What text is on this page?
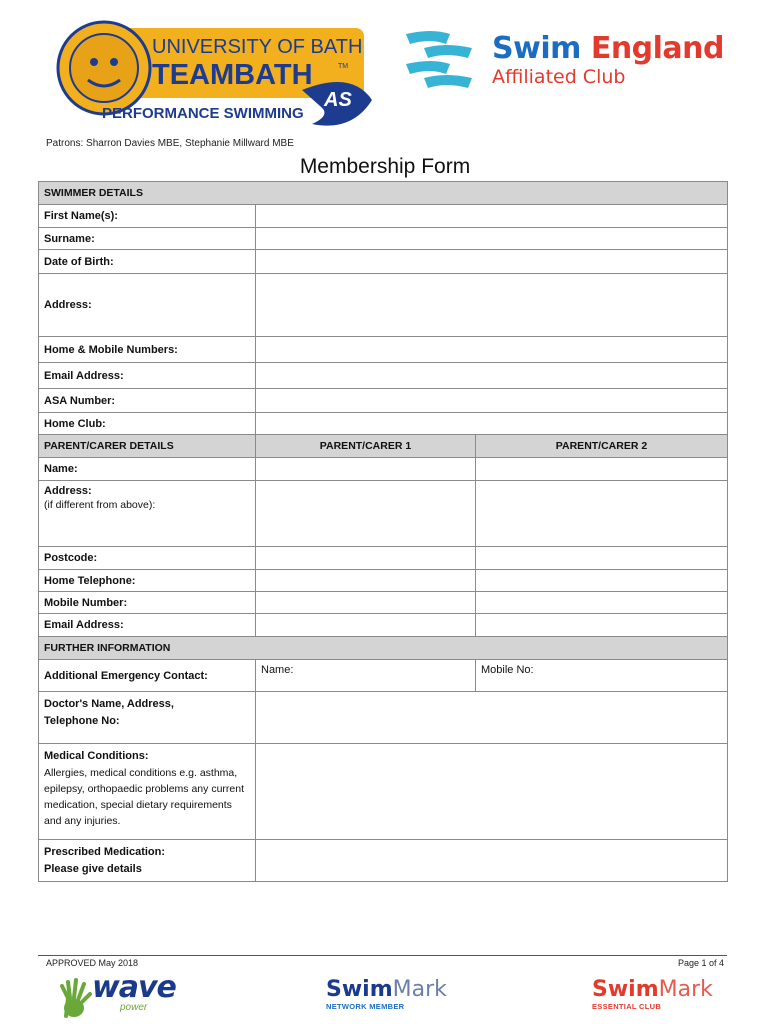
UNIVERSITY OF BATH
TEAMBATH	TM
AS
PERFORMANCE SWIMMING
Swim England
Affiliated Club
Patrons: Sharron Davies MBE, Stephanie Millward MBE
Membership Form
SWIMMER DETAILS		
First Name(s):		
Surname:		
Date of Birth:		
Address:		
Home & Mobile Numbers:		
Email Address:		
ASA Number:		
Home Club:		
PARENT/CARER DETAILS	PARENT/CARER 1	PARENT/CARER 2
Name:		

Address:
(if different from above):		

Postcode:		
Home Telephone:		
Mobile Number:		
Email Address:		
FURTHER INFORMATION		
Additional Emergency Contact:	Name:	Mobile No:

Doctor's Name, Address,
Telephone No:		

Medical Conditions:
Allergies, medical conditions e.g. asthma, epilepsy, orthopaedic problems any current medication, special dietary requirements and any injuries.		

Prescribed Medication:
Please give details		

APPROVED May 2018	Page 1 of 4
wave
power
SwimMark
NETWORK MEMBER
SwimMark
ESSENTIAL CLUB
